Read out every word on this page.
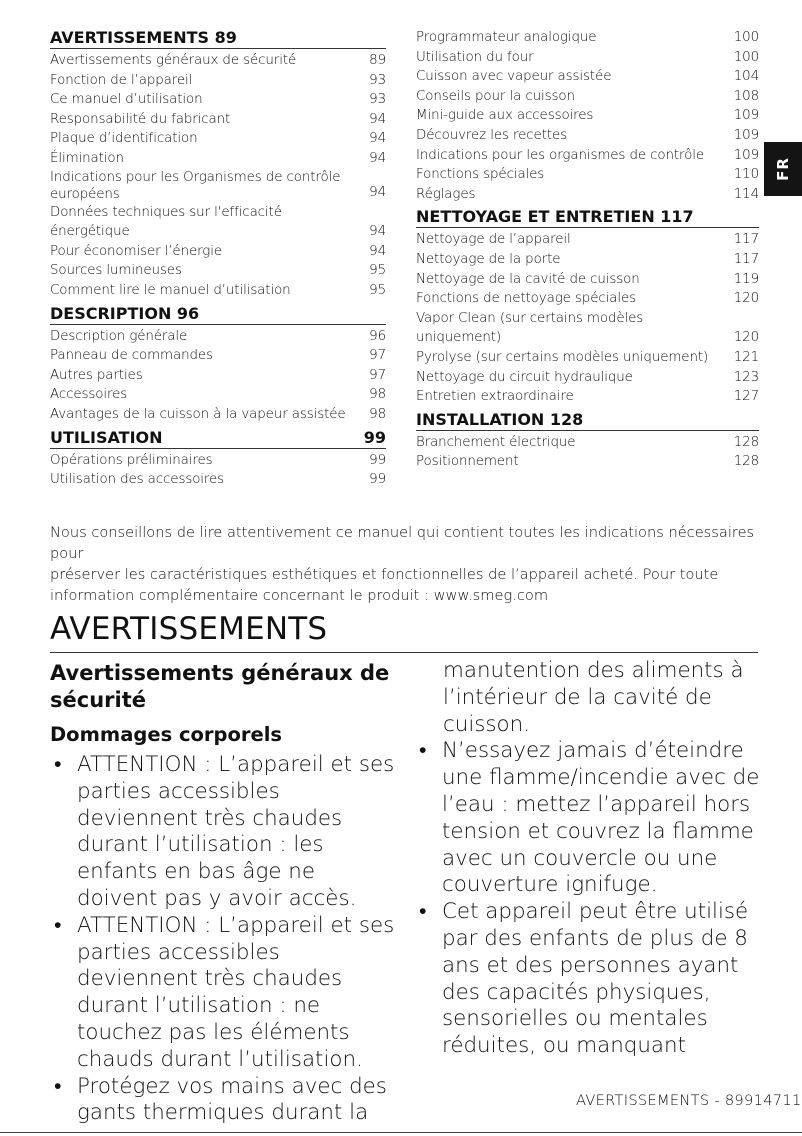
AVERTISSEMENTS 89
Avertissements généraux de sécurité	89
Fonction de l’appareil	93
Ce manuel d’utilisation	93
Responsabilité du fabricant	94
Plaque d’identification	94
Élimination	94
Indications pour les Organismes de contrôle européens	94
Données techniques sur l'efficacité énergétique	94
Pour économiser l’énergie	94
Sources lumineuses	95
Comment lire le manuel d’utilisation	95
DESCRIPTION 96
Description générale	96
Panneau de commandes	97
Autres parties	97
Accessoires	98
Avantages de la cuisson à la vapeur assistée	98
UTILISATION	99
Opérations préliminaires	99
Utilisation des accessoires	99
Programmateur analogique	100
Utilisation du four	100
Cuisson avec vapeur assistée	104
Conseils pour la cuisson	108
Mini-guide aux accessoires	109
Découvrez les recettes	109
Indications pour les organismes de contrôle	109
Fonctions spéciales	110
Réglages	114
NETTOYAGE ET ENTRETIEN 117
Nettoyage de l’appareil	117
Nettoyage de la porte	117
Nettoyage de la cavité de cuisson	119
Fonctions de nettoyage spéciales	120
Vapor Clean (sur certains modèles uniquement)	120
Pyrolyse (sur certains modèles uniquement)	121
Nettoyage du circuit hydraulique	123
Entretien extraordinaire	127
INSTALLATION 128
Branchement électrique	128
Positionnement	128
FR

Nous conseillons de lire attentivement ce manuel qui contient toutes les indications nécessaires pour

préserver les caractéristiques esthétiques et fonctionnelles de l’appareil acheté. Pour toute

information complémentaire concernant le produit : www.smeg.com

AVERTISSEMENTS
Avertissements généraux de sécurité
Dommages corporels
• ATTENTION : L’appareil et ses parties accessibles deviennent très chaudes durant l’utilisation : les enfants en bas âge ne doivent pas y avoir accès.
• ATTENTION : L’appareil et ses parties accessibles deviennent très chaudes durant l’utilisation : ne touchez pas les éléments chauds durant l’utilisation.
• Protégez vos mains avec des gants thermiques durant la
manutention des aliments à l’intérieur de la cavité de cuisson.
• N’essayez jamais d’éteindre une flamme/incendie avec de l’eau : mettez l’appareil hors tension et couvrez la flamme avec un couvercle ou une couverture ignifuge.
• Cet appareil peut être utilisé par des enfants de plus de 8 ans et des personnes ayant des capacités physiques, sensorielles ou mentales réduites, ou manquant
AVERTISSEMENTS - 89914711
